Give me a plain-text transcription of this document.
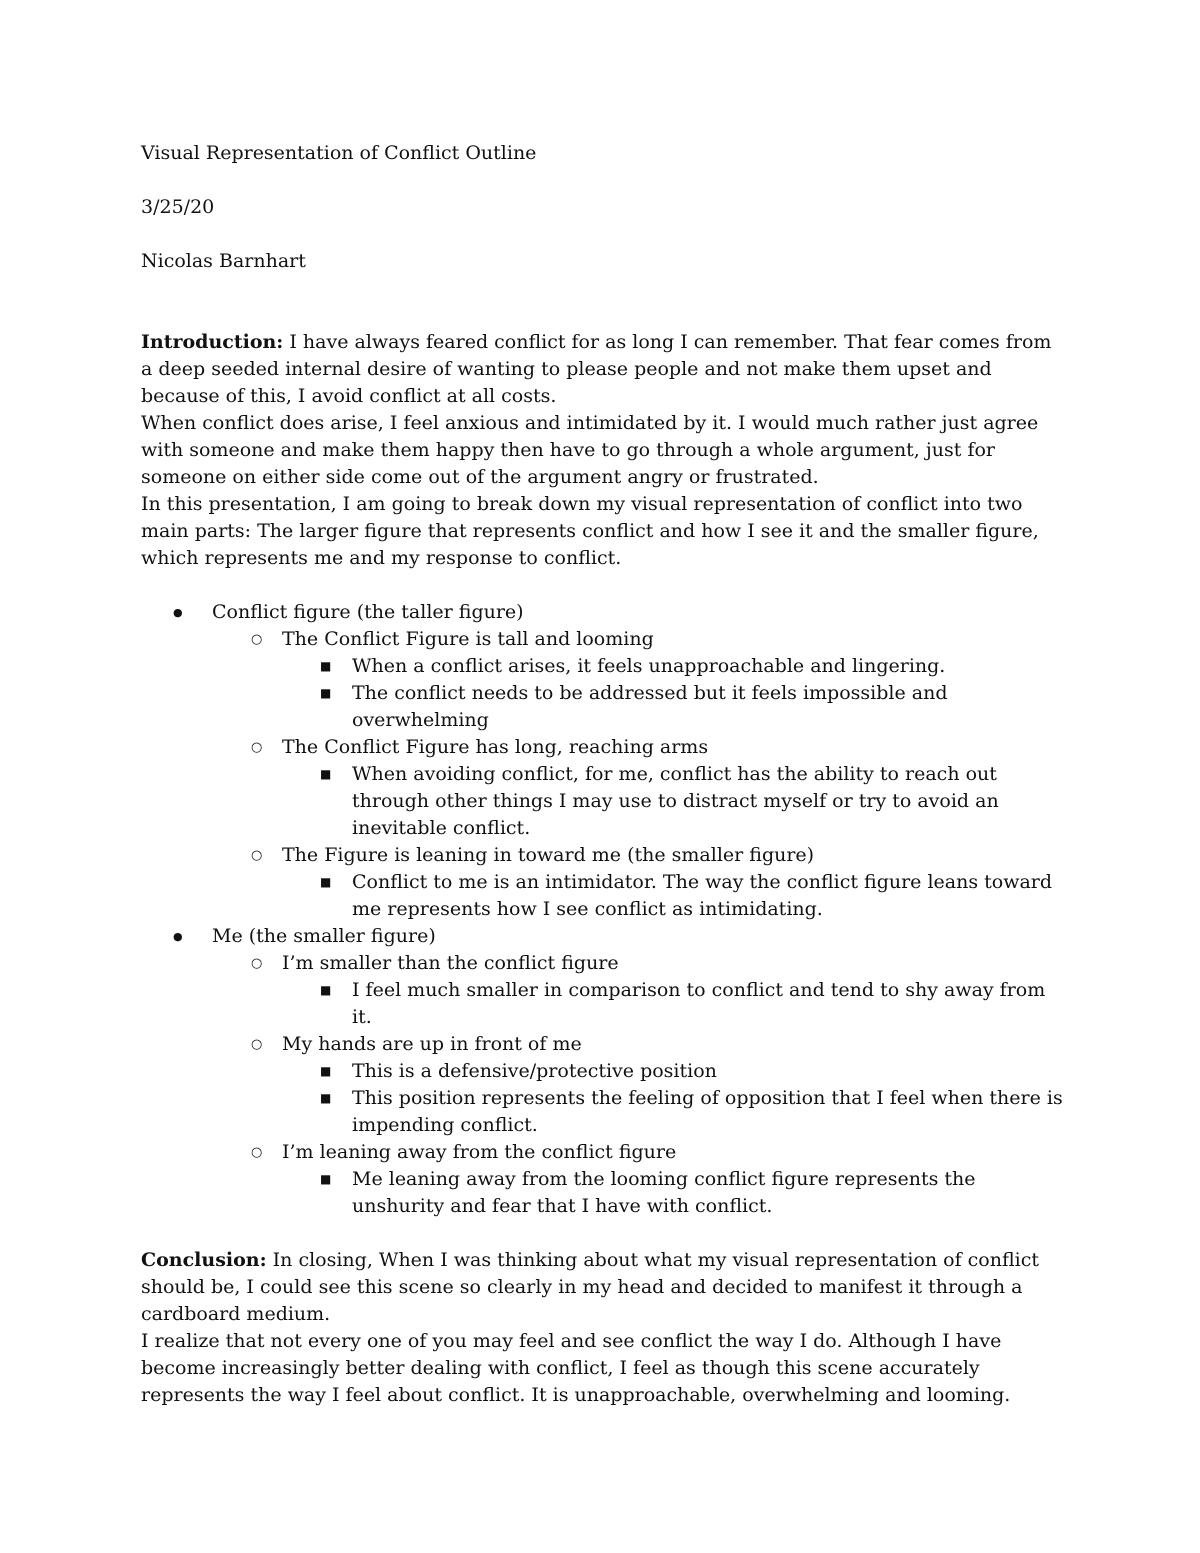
Visual Representation of Conflict Outline

3/25/20

Nicolas Barnhart

Introduction: I have always feared conflict for as long I can remember. That fear comes from a deep seeded internal desire of wanting to please people and not make them upset and because of this, I avoid conflict at all costs.

When conflict does arise, I feel anxious and intimidated by it. I would much rather just agree with someone and make them happy then have to go through a whole argument, just for someone on either side come out of the argument angry or frustrated.

In this presentation, I am going to break down my visual representation of conflict into two main parts: The larger figure that represents conflict and how I see it and the smaller figure, which represents me and my response to conflict.

● Conflict figure (the taller figure)
○ The Conflict Figure is tall and looming
■ When a conflict arises, it feels unapproachable and lingering.
■ The conflict needs to be addressed but it feels impossible and overwhelming
○ The Conflict Figure has long, reaching arms
■ When avoiding conflict, for me, conflict has the ability to reach out through other things I may use to distract myself or try to avoid an inevitable conflict.
○ The Figure is leaning in toward me (the smaller figure)
■ Conflict to me is an intimidator. The way the conflict figure leans toward me represents how I see conflict as intimidating.
● Me (the smaller figure)
○ I’m smaller than the conflict figure
■ I feel much smaller in comparison to conflict and tend to shy away from it.
○ My hands are up in front of me
■ This is a defensive/protective position
■ This position represents the feeling of opposition that I feel when there is impending conflict.
○ I’m leaning away from the conflict figure
■ Me leaning away from the looming conflict figure represents the unshurity and fear that I have with conflict.

Conclusion: In closing, When I was thinking about what my visual representation of conflict should be, I could see this scene so clearly in my head and decided to manifest it through a cardboard medium.

I realize that not every one of you may feel and see conflict the way I do. Although I have become increasingly better dealing with conflict, I feel as though this scene accurately represents the way I feel about conflict. It is unapproachable, overwhelming and looming.
